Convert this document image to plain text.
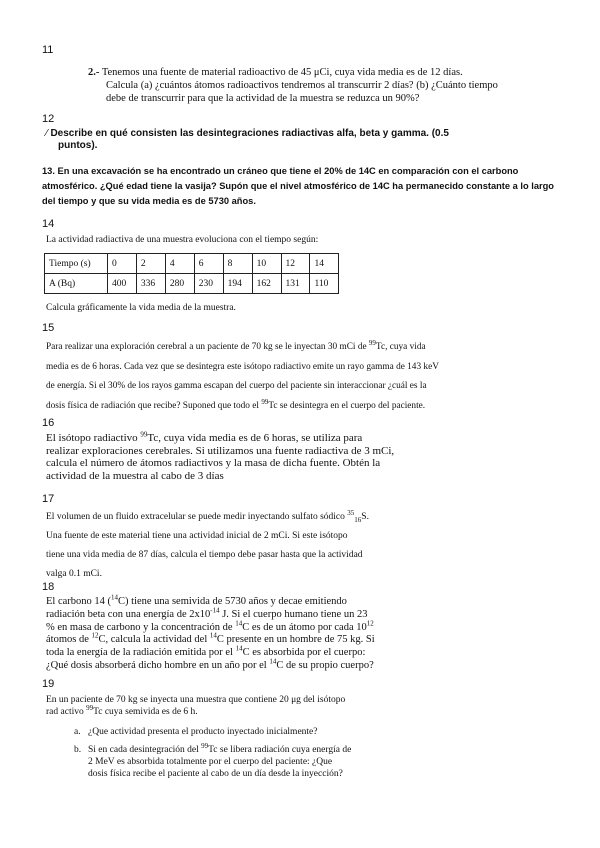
11

2.- Tenemos una fuente de material radioactivo de 45 μCi, cuya vida media es de 12 días.

Calcula (a) ¿cuántos átomos radioactivos tendremos al transcurrir 2 días? (b) ¿Cuánto tiempo

debe de transcurrir para que la actividad de la muestra se reduzca un 90%?

12

⁄ Describe en qué consisten las desintegraciones radiactivas alfa, beta y gamma. (0.5

puntos).

13. En una excavación se ha encontrado un cráneo que tiene el 20% de 14C en comparación con el carbono

atmosférico. ¿Qué edad tiene la vasija? Supón que el nivel atmosférico de 14C ha permanecido constante a lo largo

del tiempo y que su vida media es de 5730 años.

14
La actividad radiactiva de una muestra evoluciona con el tiempo según:
Tiempo (s)	0	2	4	6	8	10	12	14
A (Bq)	400	336	280	230	194	162	131	110
Calcula gráficamente la vida media de la muestra.
15

Para realizar una exploración cerebral a un paciente de 70 kg se le inyectan 30 mCi de $^{99}$Tc, cuya vida

media es de 6 horas. Cada vez que se desintegra este isótopo radiactivo emite un rayo gamma de 143 keV

de energía. Si el 30% de los rayos gamma escapan del cuerpo del paciente sin interaccionar ¿cuál es la

dosis física de radiación que recibe? Suponed que todo el $^{99}$Tc se desintegra en el cuerpo del paciente.

16

El isótopo radiactivo $^{99}$Tc, cuya vida media es de 6 horas, se utiliza para

realizar exploraciones cerebrales. Si utilizamos una fuente radiactiva de 3 mCi,

calcula el número de átomos radiactivos y la masa de dicha fuente. Obtén la

actividad de la muestra al cabo de 3 días

17

El volumen de un fluido extracelular se puede medir inyectando sulfato sódico $^{35}_{16}$S.

Una fuente de este material tiene una actividad inicial de 2 mCi. Si este isótopo

tiene una vida media de 87 días, calcula el tiempo debe pasar hasta que la actividad

valga 0.1 mCi.

18

El carbono 14 ($^{14}$C) tiene una semivida de 5730 años y decae emitiendo

radiación beta con una energía de $2x10^{-14}$ J. Si el cuerpo humano tiene un 23

% en masa de carbono y la concentración de $^{14}$C es de un átomo por cada $10^{12}$

átomos de $^{12}$C, calcula la actividad del $^{14}$C presente en un hombre de 75 kg. Si

toda la energía de la radiación emitida por el $^{14}$C es absorbida por el cuerpo:

¿Qué dosis absorberá dicho hombre en un año por el $^{14}$C de su propio cuerpo?

19

En un paciente de 70 kg se inyecta una muestra que contiene 20 μg del isótopo

rad activo $^{99}$Tc cuya semivida es de 6 h.

a. ¿Que actividad presenta el producto inyectado inicialmente?
b. Si en cada desintegración del $^{99}$Tc se libera radiación cuya energía de

2 MeV es absorbida totalmente por el cuerpo del paciente: ¿Que

dosis física recibe el paciente al cabo de un día desde la inyección?
